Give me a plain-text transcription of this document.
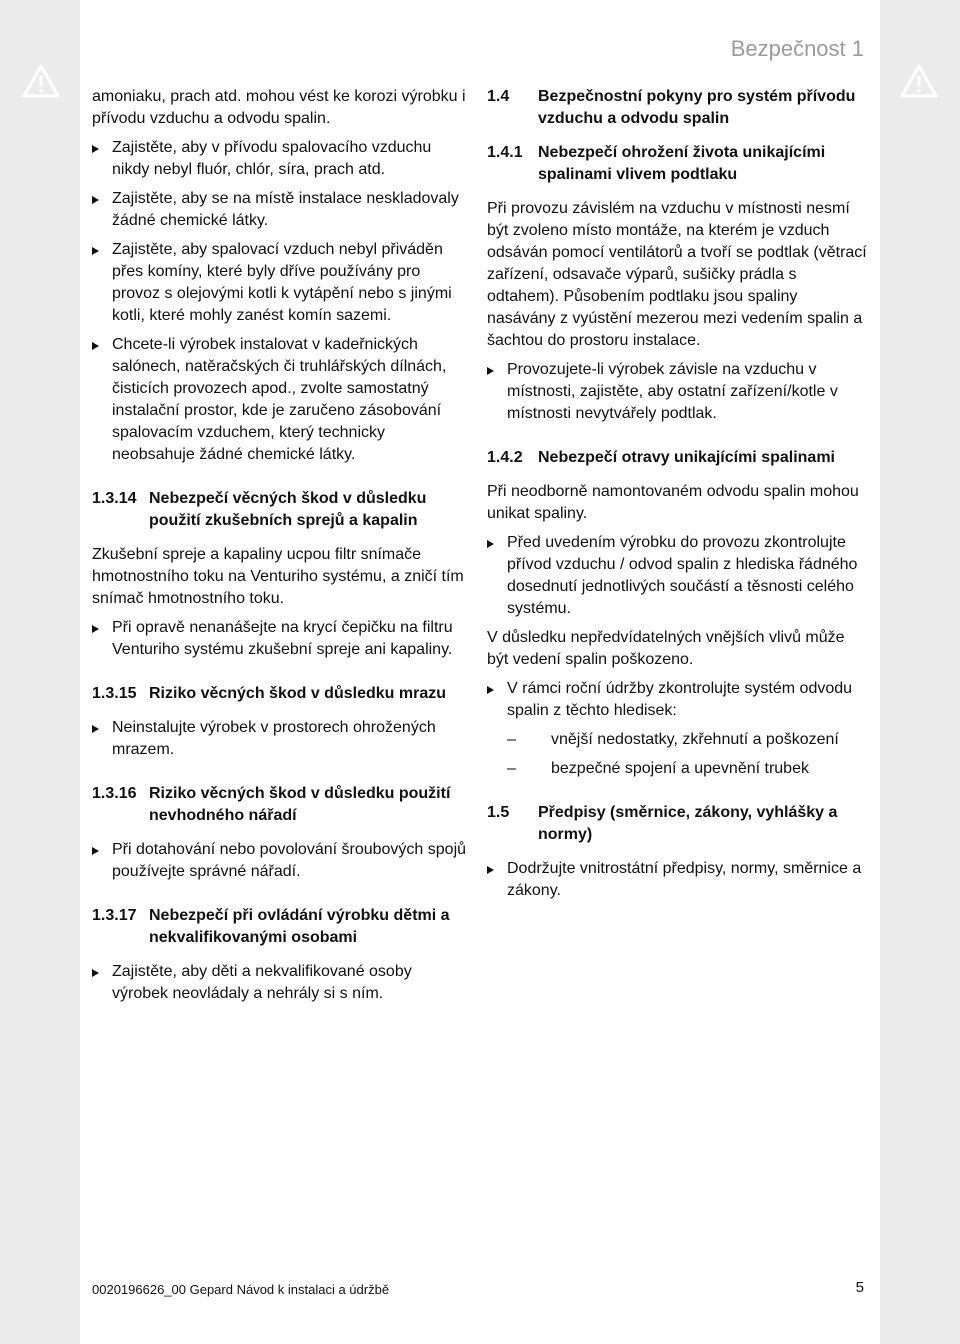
Bezpečnost 1

amoniaku, prach atd. mohou vést ke korozi výrobku i přívodu vzduchu a odvodu spalin.

Zajistěte, aby v přívodu spalovacího vzduchu nikdy nebyl fluór, chlór, síra, prach atd.
Zajistěte, aby se na místě instalace neskladovaly žádné chemické látky.
Zajistěte, aby spalovací vzduch nebyl přiváděn přes komíny, které byly dříve používány pro provoz s olejovými kotli k vytápění nebo s jinými kotli, které mohly zanést komín sazemi.
Chcete-li výrobek instalovat v kadeřnických salónech, natěračských či truhlářských dílnách, čisticích provozech apod., zvolte samostatný instalační prostor, kde je zaručeno zásobování spalovacím vzduchem, který technicky neobsahuje žádné chemické látky.
1.3.14 Nebezpečí věcných škod v důsledku použití zkušebních sprejů a kapalin

Zkušební spreje a kapaliny ucpou filtr snímače hmotnostního toku na Venturiho systému, a zničí tím snímač hmotnostního toku.

Při opravě nenanášejte na krycí čepičku na filtru Venturiho systému zkušební spreje ani kapaliny.
1.3.15 Riziko věcných škod v důsledku mrazu
Neinstalujte výrobek v prostorech ohrožených mrazem.
1.3.16 Riziko věcných škod v důsledku použití nevhodného nářadí
Při dotahování nebo povolování šroubových spojů používejte správné nářadí.
1.3.17 Nebezpečí při ovládání výrobku dětmi a nekvalifikovanými osobami
Zajistěte, aby děti a nekvalifikované osoby výrobek neovládaly a nehrály si s ním.
1.4 Bezpečnostní pokyny pro systém přívodu vzduchu a odvodu spalin
1.4.1 Nebezpečí ohrožení života unikajícími spalinami vlivem podtlaku

Při provozu závislém na vzduchu v místnosti nesmí být zvoleno místo montáže, na kterém je vzduch odsáván pomocí ventilátorů a tvoří se podtlak (větrací zařízení, odsavače výparů, sušičky prádla s odtahem). Působením podtlaku jsou spaliny nasávány z vyústění mezerou mezi vedením spalin a šachtou do prostoru instalace.

Provozujete-li výrobek závisle na vzduchu v místnosti, zajistěte, aby ostatní zařízení/kotle v místnosti nevytvářely podtlak.
1.4.2 Nebezpečí otravy unikajícími spalinami

Při neodborně namontovaném odvodu spalin mohou unikat spaliny.

Před uvedením výrobku do provozu zkontrolujte přívod vzduchu / odvod spalin z hlediska řádného dosednutí jednotlivých součástí a těsnosti celého systému.

V důsledku nepředvídatelných vnějších vlivů může být vedení spalin poškozeno.

V rámci roční údržby zkontrolujte systém odvodu spalin z těchto hledisek:
– vnější nedostatky, zkřehnutí a poškození
– bezpečné spojení a upevnění trubek
1.5 Předpisy (směrnice, zákony, vyhlášky a normy)
Dodržujte vnitrostátní předpisy, normy, směrnice a zákony.
0020196626_00 Gepard Návod k instalaci a údržbě	5
